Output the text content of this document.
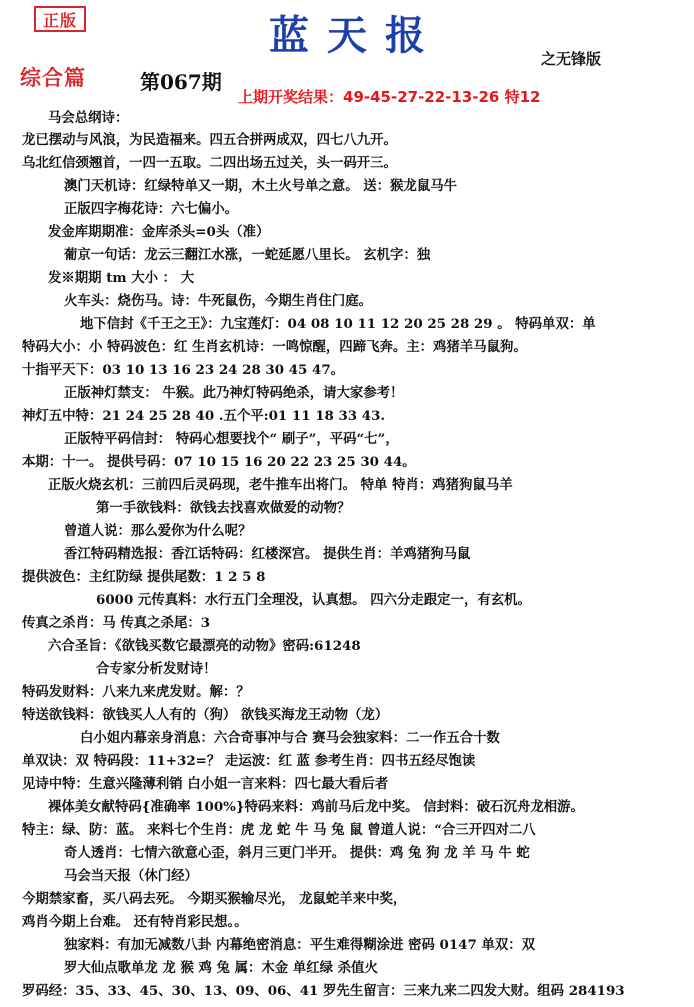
正版	蓝天报	之无锋版
综合篇	第067期
上期开奖结果：49-45-27-22-13-26 特12
马会总纲诗：
龙已摆动与风浪，为民造福来。四五合拼两成双，四七八九开。
乌北红信颈翘首，一四一五取。二四出场五过关，头一码开三。
澳门天机诗：红绿特单又一期，木土火号单之意。 送：猴龙鼠马牛
正版四字梅花诗：六七偏小。
发金库期期准：金库杀头=0头（准）
葡京一句话：龙云三翻江水涨，一蛇延愿八里长。 玄机字：独
发※期期 tm 大小 ： 大
火车头：烧伤马。诗：牛死鼠伤，今期生肖住门庭。
地下信封《千王之王》：九宝莲灯：04 08 10 11 12 20 25 28 29 。 特码单双：单
特码大小：小 特码波色：红 生肖玄机诗：一鸣惊醒，四蹄飞奔。主：鸡猪羊马鼠狗。
十指平天下：03 10 13 16 23 24 28 30 45 47。
正版神灯禁支： 牛猴。此乃神灯特码绝杀，请大家参考！
神灯五中特：21 24 25 28 40 .五个平:01 11 18 33 43.
正版特平码信封： 特码心想要找个“ 刷子”，平码“七”，
本期：十一。 提供号码：07 10 15 16 20 22 23 25 30 44。
正版火烧玄机：三前四后灵码现，老牛推车出将门。 特单 特肖：鸡猪狗鼠马羊
第一手欲钱料：欲钱去找喜欢做爱的动物？
曾道人说：那么爱你为什么呢？
香江特码精选报：香江话特码：红楼深宫。 提供生肖：羊鸡猪狗马鼠
提供波色：主红防绿 提供尾数：1 2 5 8
6000 元传真料：水行五门全理没，认真想。 四六分走跟定一，有玄机。
传真之杀肖：马 传真之杀尾：3
六合圣旨：《欲钱买数它最漂亮的动物》密码:61248
合专家分析发财诗！
特码发财料：八来九来虎发财。解：？
特送欲钱料：欲钱买人人有的（狗） 欲钱买海龙王动物（龙）
白小姐内幕亲身消息：六合奇事冲与合 赛马会独家料：二一作五合十数
单双诀：双 特码段：11+32=？ 走运波：红 蓝 参考生肖：四书五经尽饱读
见诗中特：生意兴隆薄利销 白小姐一言来料：四七最大看后者
裸体美女献特码{准确率 100%}特码来料：鸡前马后龙中奖。 信封料：破石沉舟龙相游。
特主：绿、防：蓝。 来料七个生肖：虎 龙 蛇 牛 马 兔 鼠 曾道人说：“合三开四对二八
奇人透肖：七情六欲意心歪，斜月三更门半开。 提供：鸡 兔 狗 龙 羊 马 牛 蛇
马会当天报（休门经）
今期禁家畜，买八码去死。 今期买猴输尽光， 龙鼠蛇羊来中奖，
鸡肖今期上台难。 还有特肖彩民想。。
独家料：有加无减数八卦 内幕绝密消息：平生难得糊涂进 密码 0147 单双：双
罗大仙点歌单龙 龙 猴 鸡 兔 属：木金 单红绿 杀值火
罗码经：35、33、45、30、13、09、06、41 罗先生留言：三来九来二四发大财。组码 284193
